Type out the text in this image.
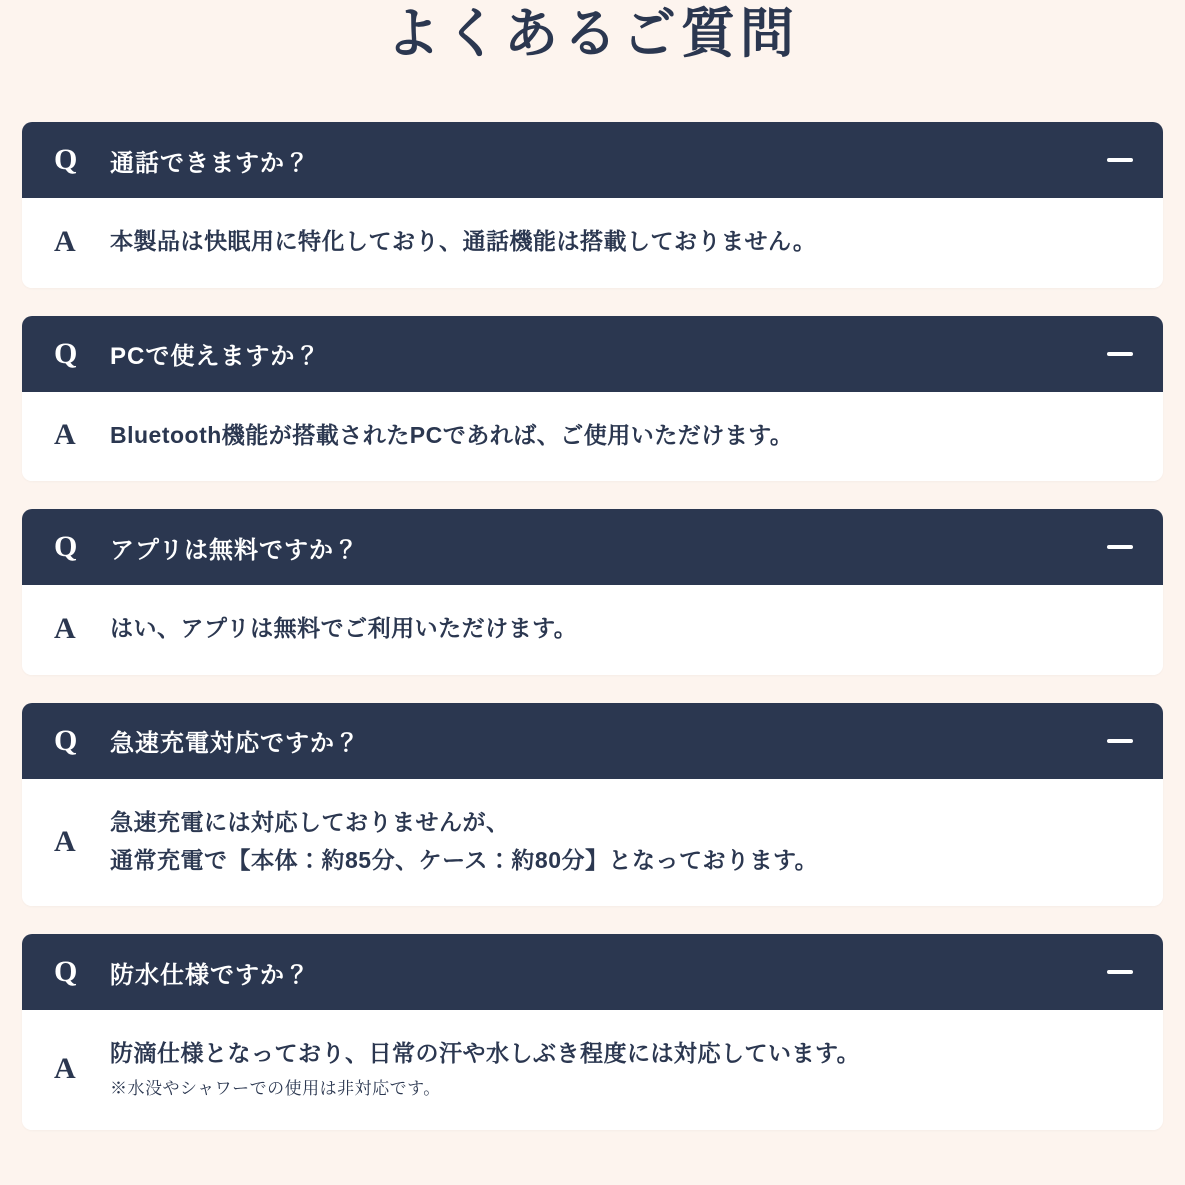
よくあるご質問
Q	通話できますか？
A	本製品は快眠用に特化しており、通話機能は搭載しておりません。
Q	PCで使えますか？
A	Bluetooth機能が搭載されたPCであれば、ご使用いただけます。
Q	アプリは無料ですか？
A	はい、アプリは無料でご利用いただけます。
Q	急速充電対応ですか？
A
急速充電には対応しておりませんが、
通常充電で【本体：約85分、ケース：約80分】となっております。
Q	防水仕様ですか？
A	防滴仕様となっており、日常の汗や水しぶき程度には対応しています。
※水没やシャワーでの使用は非対応です。
